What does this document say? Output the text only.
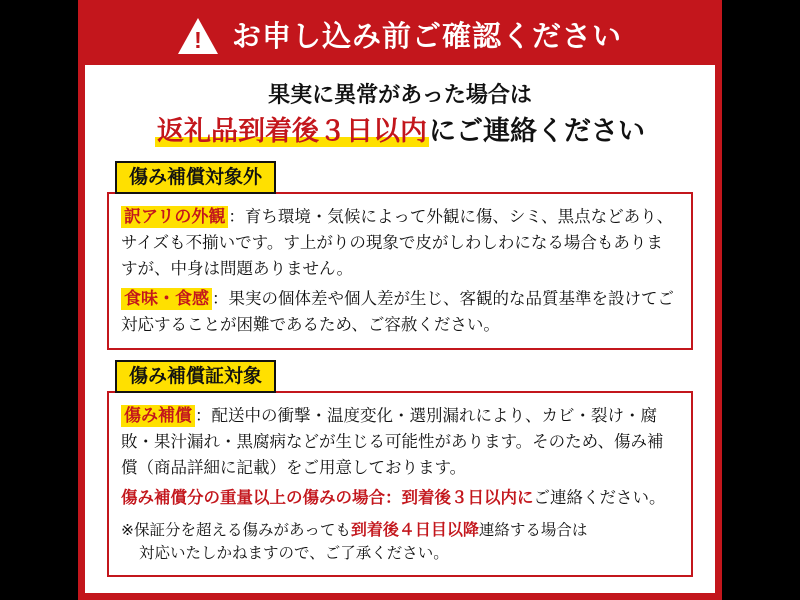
!	お申し込み前ご確認ください
果実に異常があった場合は
返礼品到着後３日以内にご連絡ください
傷み補償対象外

訳アリの外観 ：育ち環境・気候によって外観に傷、シミ、黒点などあり、サイズも不揃いです。す上がりの現象で皮がしわしわになる場合もありますが、中身は問題ありません。

食味・食感 ：果実の個体差や個人差が生じ、客観的な品質基準を設けてご対応することが困難であるため、ご容赦ください。

傷み補償証対象

傷み補償 ：配送中の衝撃・温度変化・選別漏れにより、カビ・裂け・腐敗・果汁漏れ・黒腐病などが生じる可能性があります。そのため、傷み補償（商品詳細に記載）をご用意しております。

傷み補償分の重量以上の傷みの場合：到着後３日以内にご連絡ください。

※保証分を超える傷みがあっても到着後４日目以降連絡する場合は
対応いたしかねますので、ご了承ください。
